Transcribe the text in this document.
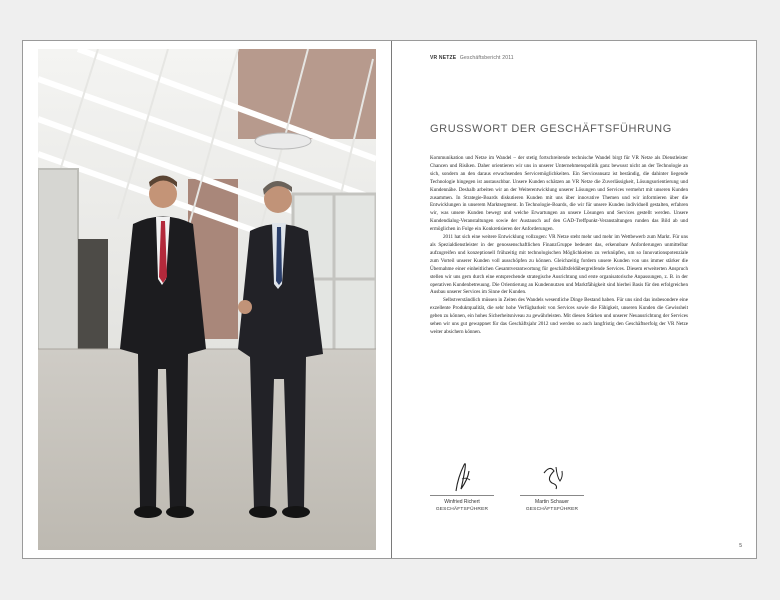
VR NETZE Geschäftsbericht 2011
GRUSSWORT DER GESCHÄFTSFÜHRUNG

Kommunikation und Netze im Wandel – der stetig fortschreitende technische Wandel birgt für VR Netze als Dienstleister Chancen und Risiken. Daher orientieren wir uns in unserer Unternehmenspolitik ganz bewusst nicht an der Technologie an sich, sondern an den daraus erwachsenden Servicemöglichkeiten. Ein Serviceansatz ist beständig, die dahinter liegende Technologie hingegen ist austauschbar. Unsere Kunden schätzen an VR Netze die Zuverlässigkeit, Lösungsorientierung und Kundennähe. Deshalb arbeiten wir an der Weiterentwicklung unserer Lösungen und Services vermehrt mit unseren Kunden zusammen. In Strategie-Boards diskutieren Kunden mit uns über innovative Themen und wir informieren über die Entwicklungen in unserem Marktsegment. In Technologie-Boards, die wir für unsere Kunden individuell gestalten, erfahren wir, was unsere Kunden bewegt und welche Erwartungen an unsere Lösungen und Services gestellt werden. Unsere Kundendialog-Veranstaltungen sowie der Austausch auf den GAD-Treffpunkt-Veranstaltungen runden das Bild ab und ermöglichen in Folge ein Konkretisieren der Anforderungen.

2011 hat sich eine weitere Entwicklung vollzogen: VR Netze steht mehr und mehr im Wettbewerb zum Markt. Für uns als Spezialdienstleister in der genossenschaftlichen FinanzGruppe bedeutet das, erkennbare Anforderungen unmittelbar aufzugreifen und konzeptionell frühzeitig mit technologischen Möglichkeiten zu verknüpfen, um so Innovationspotenziale zum Vorteil unserer Kunden voll ausschöpfen zu können. Gleichzeitig fordern unsere Kunden von uns immer stärker die Übernahme einer einheitlichen Gesamtverantwortung für geschäftsfeldübergreifende Services. Diesem erweiterten Anspruch stellen wir uns gern durch eine entsprechende strategische Ausrichtung und erste organisatorische Anpassungen, z. B. in der operativen Kundenbetreuung. Die Orientierung an Kundennutzen und Marktfähigkeit sind hierbei Basis für den erfolgreichen Ausbau unserer Services im Sinne der Kunden.

Selbstverständlich müssen in Zeiten des Wandels wesentliche Dinge Bestand haben. Für uns sind das insbesondere eine exzellente Produktqualität, die sehr hohe Verfügbarkeit von Services sowie die Fähigkeit, unseren Kunden die Gewissheit geben zu können, ein hohes Sicherheitsniveau zu gewährleisten. Mit diesen Stärken und unserer Neuausrichtung der Services sehen wir uns gut gewappnet für das Geschäftsjahr 2012 und werden so auch langfristig den Geschäftserfolg der VR Netze weiter absichern können.

Winfried Richert
GESCHÄFTSFÜHRER
Martin Schauer
GESCHÄFTSFÜHRER
5
